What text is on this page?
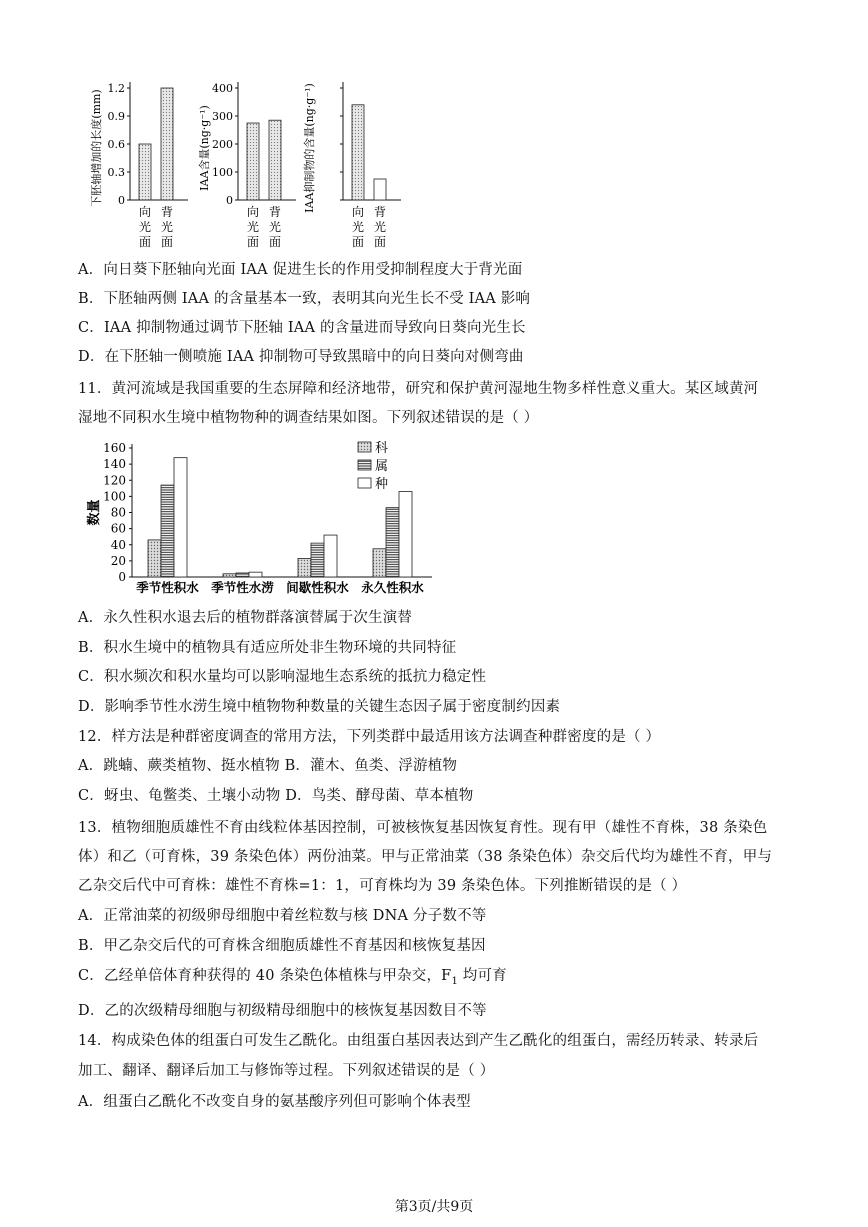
下胚轴增加的长度(mm) 0
0.3
0.6
0.9
1.2
向
光
面
背
光
面
IAA含量(ng·g⁻¹)
0
100
200
300
400
向
光
面
背
光
面
IAA抑制物的含量(ng·g⁻¹)	向
光
面
背
光
面
A．向日葵下胚轴向光面 IAA 促进生长的作用受抑制程度大于背光面
B．下胚轴两侧 IAA 的含量基本一致，表明其向光生长不受 IAA 影响
C．IAA 抑制物通过调节下胚轴 IAA 的含量进而导致向日葵向光生长
D．在下胚轴一侧喷施 IAA 抑制物可导致黑暗中的向日葵向对侧弯曲
11．黄河流域是我国重要的生态屏障和经济地带，研究和保护黄河湿地生物多样性意义重大。某区域黄河
湿地不同积水生境中植物物种的调查结果如图。下列叙述错误的是（ ）
0
20
40
60
80
100
120
140
160
数量
季节性积水 季节性水涝 间歇性积水 永久性积水
科
属
种
A．永久性积水退去后的植物群落演替属于次生演替
B．积水生境中的植物具有适应所处非生物环境的共同特征
C．积水频次和积水量均可以影响湿地生态系统的抵抗力稳定性
D．影响季节性水涝生境中植物物种数量的关键生态因子属于密度制约因素
12．样方法是种群密度调查的常用方法，下列类群中最适用该方法调查种群密度的是（ ）
A．跳蝻、蕨类植物、挺水植物 B．灌木、鱼类、浮游植物
C．蚜虫、龟鳖类、土壤小动物 D．鸟类、酵母菌、草本植物
13．植物细胞质雄性不育由线粒体基因控制，可被核恢复基因恢复育性。现有甲（雄性不育株，38 条染色
体）和乙（可育株，39 条染色体）两份油菜。甲与正常油菜（38 条染色体）杂交后代均为雄性不育，甲与
乙杂交后代中可育株：雄性不育株=1：1，可育株均为 39 条染色体。下列推断错误的是（ ）
A．正常油菜的初级卵母细胞中着丝粒数与核 DNA 分子数不等
B．甲乙杂交后代的可育株含细胞质雄性不育基因和核恢复基因
C．乙经单倍体育种获得的 40 条染色体植株与甲杂交，$F_1$ 均可育
D．乙的次级精母细胞与初级精母细胞中的核恢复基因数目不等
14．构成染色体的组蛋白可发生乙酰化。由组蛋白基因表达到产生乙酰化的组蛋白，需经历转录、转录后
加工、翻译、翻译后加工与修饰等过程。下列叙述错误的是（ ）
A．组蛋白乙酰化不改变自身的氨基酸序列但可影响个体表型
第3页/共9页
